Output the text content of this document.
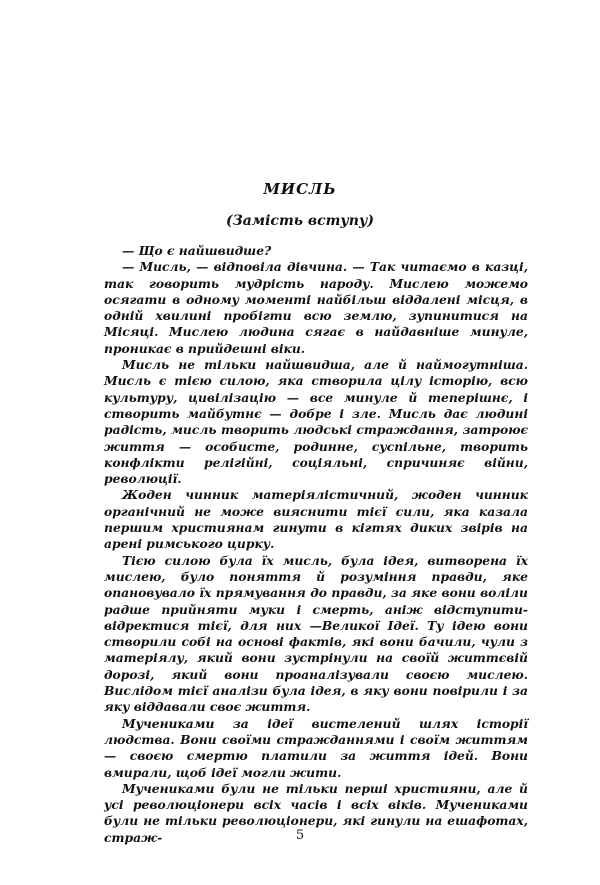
МИСЛЬ
(Замість вступу)

— Що є найшвидше?

— Мисль, — відповіла дівчина. — Так читаємо в казці, так говорить мудрість народу. Мислею можемо осягати в одному моменті найбільш віддалені місця, в одній хвилині пробігти всю землю, зупинитися на Місяці. Мислею людина сягає в найдавніше минуле, проникає в прийдешні віки.

Мисль не тільки найшвидша, але й наймогутніша. Мисль є тією силою, яка створила цілу історію, всю культуру, цивілізацію — все минуле й теперішнє, і створить майбутнє — добре і зле. Мисль дає людині радість, мисль творить людські страждання, затроює життя — особисте, родинне, суспільне, творить конфлікти релігійні, соціяльні, спричиняє війни, революції.

Жоден чинник матеріялістичний, жоден чинник органічний не може вияснити тієї сили, яка казала першим християнам гинути в кігтях диких звірів на арені римського цирку.

Тією силою була їх мисль, була ідея, витворена їх мислею, було поняття й розуміння правди, яке опановувало їх прямування до правди, за яке вони воліли радше прийняти муки і смерть, аніж відступити-відректися тієї, для них —Великої Ідеї. Ту ідею вони створили собі на основі фактів, які вони бачили, чули з матеріялу, який вони зустрінули на своїй життєвій дорозі, який вони проаналізували своєю мислею. Вислідом тієї аналізи була ідея, в яку вони повірили і за яку віддавали своє життя.

Мучениками за ідеї вистелений шлях історії людства. Вони своїми стражданнями і своїм життям — своєю смертю платили за життя ідей. Вони вмирали, щоб ідеї могли жити.

Мучениками були не тільки перші християни, але й усі революціонери всіх часів і всіх віків. Мучениками були не тільки революціонери, які гинули на ешафотах, страж-	5
